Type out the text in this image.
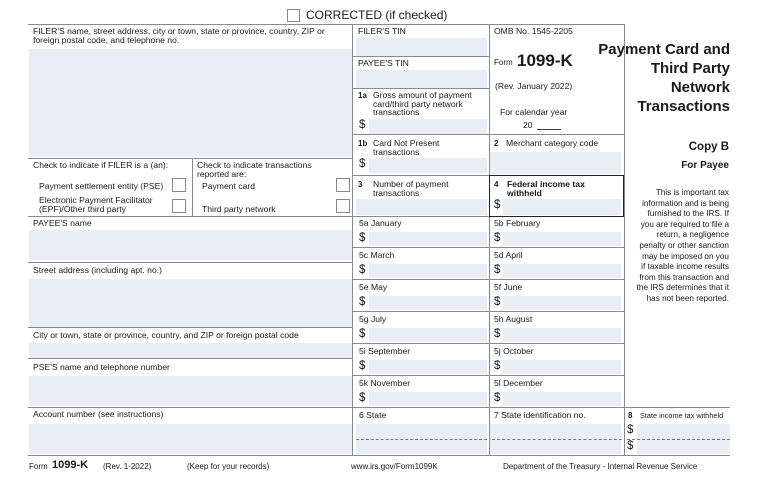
CORRECTED (if checked)
FILER'S name, street address, city or town, state or province, country, ZIP or foreign postal code, and telephone no.
FILER'S TIN
PAYEE'S TIN
OMB No. 1545-2205
Form 1099-K
(Rev. January 2022)
For calendar year
20
Payment Card and Third Party Network Transactions
1a Gross amount of payment card/third party network transactions
$
1b Card Not Present transactions
$
2 Merchant category code
3 Number of payment transactions
4 Federal income tax withheld
$
Copy B
For Payee
This is important tax information and is being furnished to the IRS. If you are required to file a return, a negligence penalty or other sanction may be imposed on you if taxable income results from this transaction and the IRS determines that it has not been reported.
Check to indicate if FILER is a (an):
Payment settlement entity (PSE)
Electronic Payment Facilitator (EPF)/Other third party
Check to indicate transactions reported are:
Payment card
Third party network
PAYEE'S name
Street address (including apt. no.)
City or town, state or province, country, and ZIP or foreign postal code
PSE'S name and telephone number
Account number (see instructions)
5a January
$
5b February
$
5c March
$
5d April
$
5e May
$
5f June
$
5g July
$
5h August
$
5i September
$
5j October
$
5k November
$
5l December
$
6 State	7 State identification no.	8 State income tax withheld
$
$
Form 1099-K (Rev. 1-2022)	(Keep for your records)	www.irs.gov/Form1099K	Department of the Treasury - Internal Revenue Service
